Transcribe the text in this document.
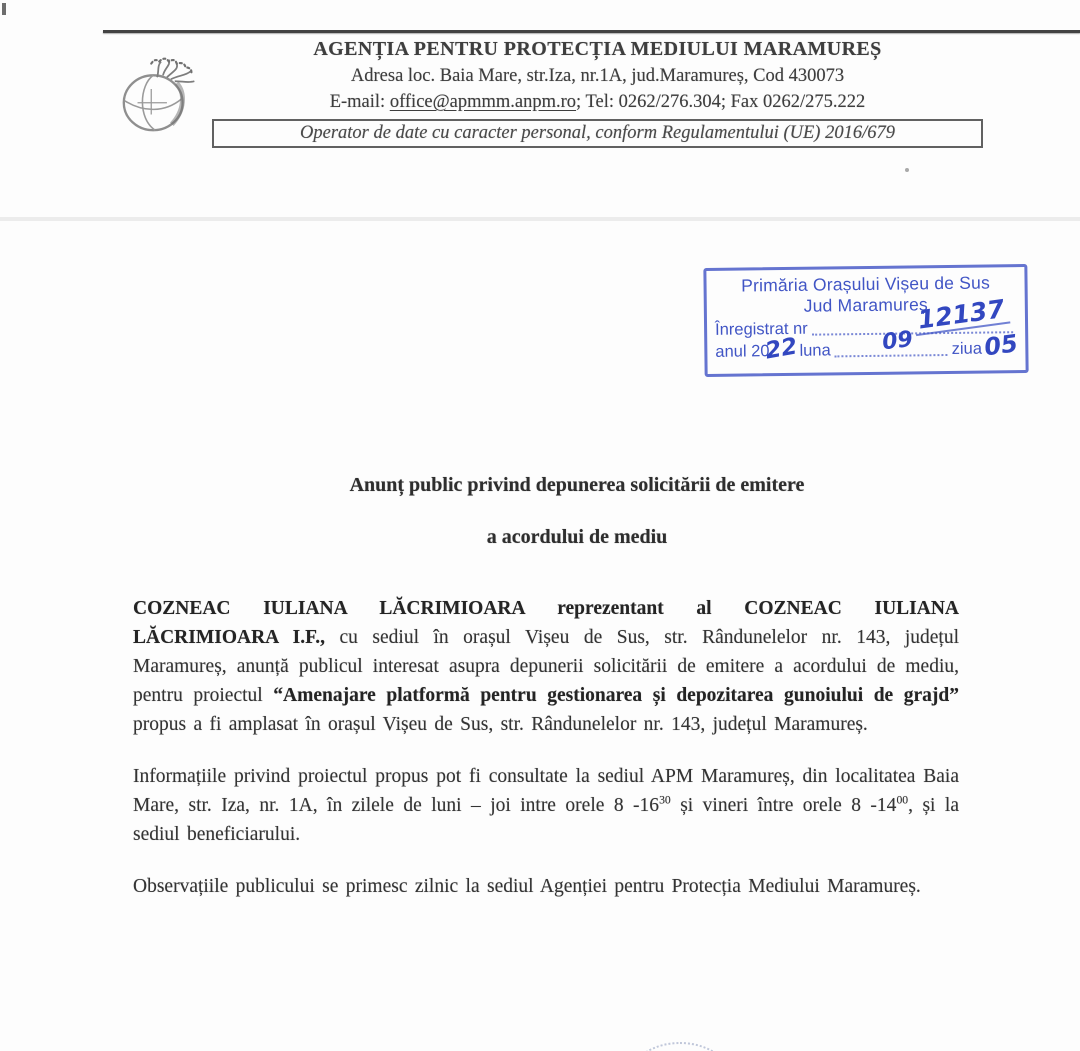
AGENȚIA PENTRU PROTECȚIA MEDIULUI MARAMUREȘ
Adresa loc. Baia Mare, str.Iza, nr.1A, jud.Maramureș, Cod 430073
E-mail: office@apmmm.anpm.ro; Tel: 0262/276.304; Fax 0262/275.222
Operator de date cu caracter personal, conform Regulamentului (UE) 2016/679
Primăria Orașului Vișeu de Sus
Jud Maramureș
Înregistrat nr	12137
anul 20
22 luna 09 ziua 05
Anunț public privind depunerea solicitării de emitere
a acordului de mediu

COZNEAC IULIANA LĂCRIMIOARA reprezentant al COZNEAC IULIANA LĂCRIMIOARA I.F., cu sediul în orașul Vișeu de Sus, str. Rândunelelor nr. 143, județul Maramureș, anunță publicul interesat asupra depunerii solicitării de emitere a acordului de mediu, pentru proiectul “Amenajare platformă pentru gestionarea și depozitarea gunoiului de grajd” propus a fi amplasat în orașul Vișeu de Sus, str. Rândunelelor nr. 143, județul Maramureș.

Informațiile privind proiectul propus pot fi consultate la sediul APM Maramureș, din localitatea Baia Mare, str. Iza, nr. 1A, în zilele de luni – joi intre orele 8 $-16^{30}$ și vineri între orele 8 $-14^{00}$, și la sediul beneficiarului.

Observațiile publicului se primesc zilnic la sediul Agenției pentru Protecția Mediului Maramureș.
